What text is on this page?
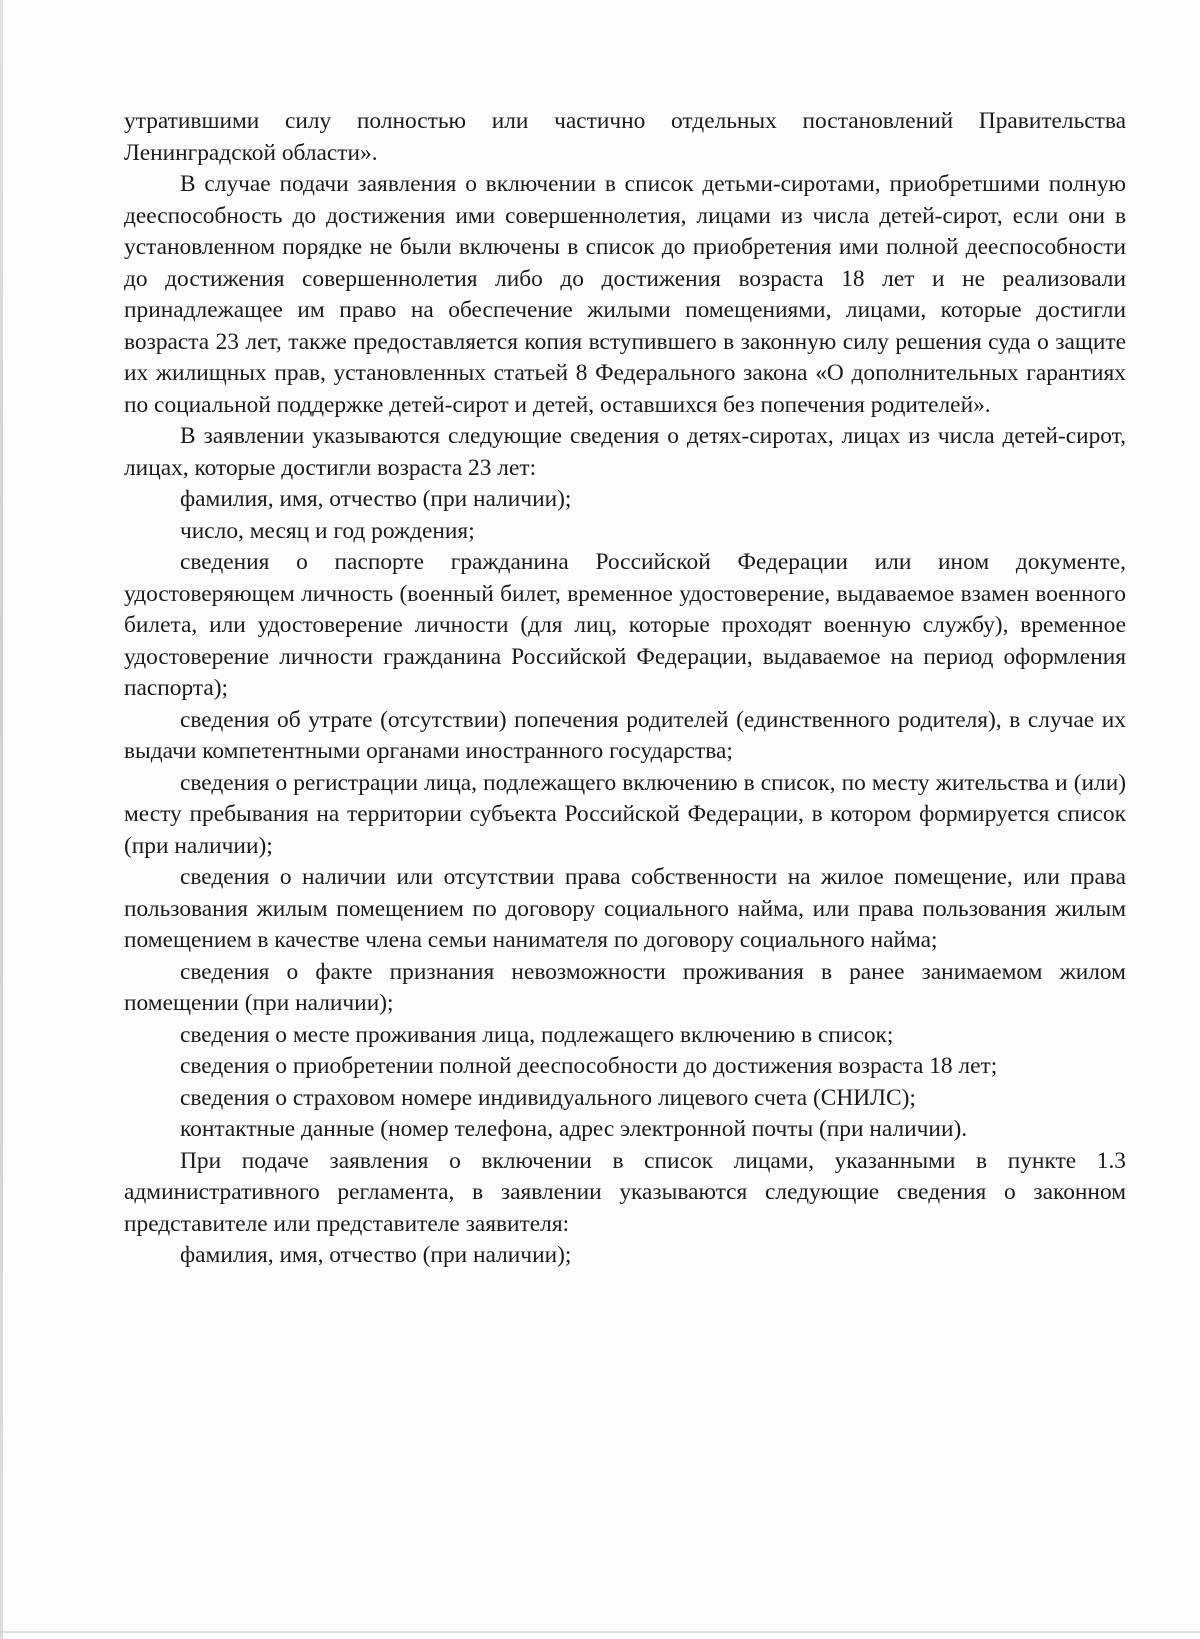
утратившими силу полностью или частично отдельных постановлений Правительства Ленинградской области».

В случае подачи заявления о включении в список детьми-сиротами, приобретшими полную дееспособность до достижения ими совершеннолетия, лицами из числа детей-сирот, если они в установленном порядке не были включены в список до приобретения ими полной дееспособности до достижения совершеннолетия либо до достижения возраста 18 лет и не реализовали принадлежащее им право на обеспечение жилыми помещениями, лицами, которые достигли возраста 23 лет, также предоставляется копия вступившего в законную силу решения суда о защите их жилищных прав, установленных статьей 8 Федерального закона «О дополнительных гарантиях по социальной поддержке детей-сирот и детей, оставшихся без попечения родителей».

В заявлении указываются следующие сведения о детях-сиротах, лицах из числа детей-сирот, лицах, которые достигли возраста 23 лет:

фамилия, имя, отчество (при наличии);

число, месяц и год рождения;

сведения о паспорте гражданина Российской Федерации или ином документе, удостоверяющем личность (военный билет, временное удостоверение, выдаваемое взамен военного билета, или удостоверение личности (для лиц, которые проходят военную службу), временное удостоверение личности гражданина Российской Федерации, выдаваемое на период оформления паспорта);

сведения об утрате (отсутствии) попечения родителей (единственного родителя), в случае их выдачи компетентными органами иностранного государства;

сведения о регистрации лица, подлежащего включению в список, по месту жительства и (или) месту пребывания на территории субъекта Российской Федерации, в котором формируется список (при наличии);

сведения о наличии или отсутствии права собственности на жилое помещение, или права пользования жилым помещением по договору социального найма, или права пользования жилым помещением в качестве члена семьи нанимателя по договору социального найма;

сведения о факте признания невозможности проживания в ранее занимаемом жилом помещении (при наличии);

сведения о месте проживания лица, подлежащего включению в список;

сведения о приобретении полной дееспособности до достижения возраста 18 лет;

сведения о страховом номере индивидуального лицевого счета (СНИЛС);

контактные данные (номер телефона, адрес электронной почты (при наличии).

При подаче заявления о включении в список лицами, указанными в пункте 1.3 административного регламента, в заявлении указываются следующие сведения о законном представителе или представителе заявителя:

фамилия, имя, отчество (при наличии);
